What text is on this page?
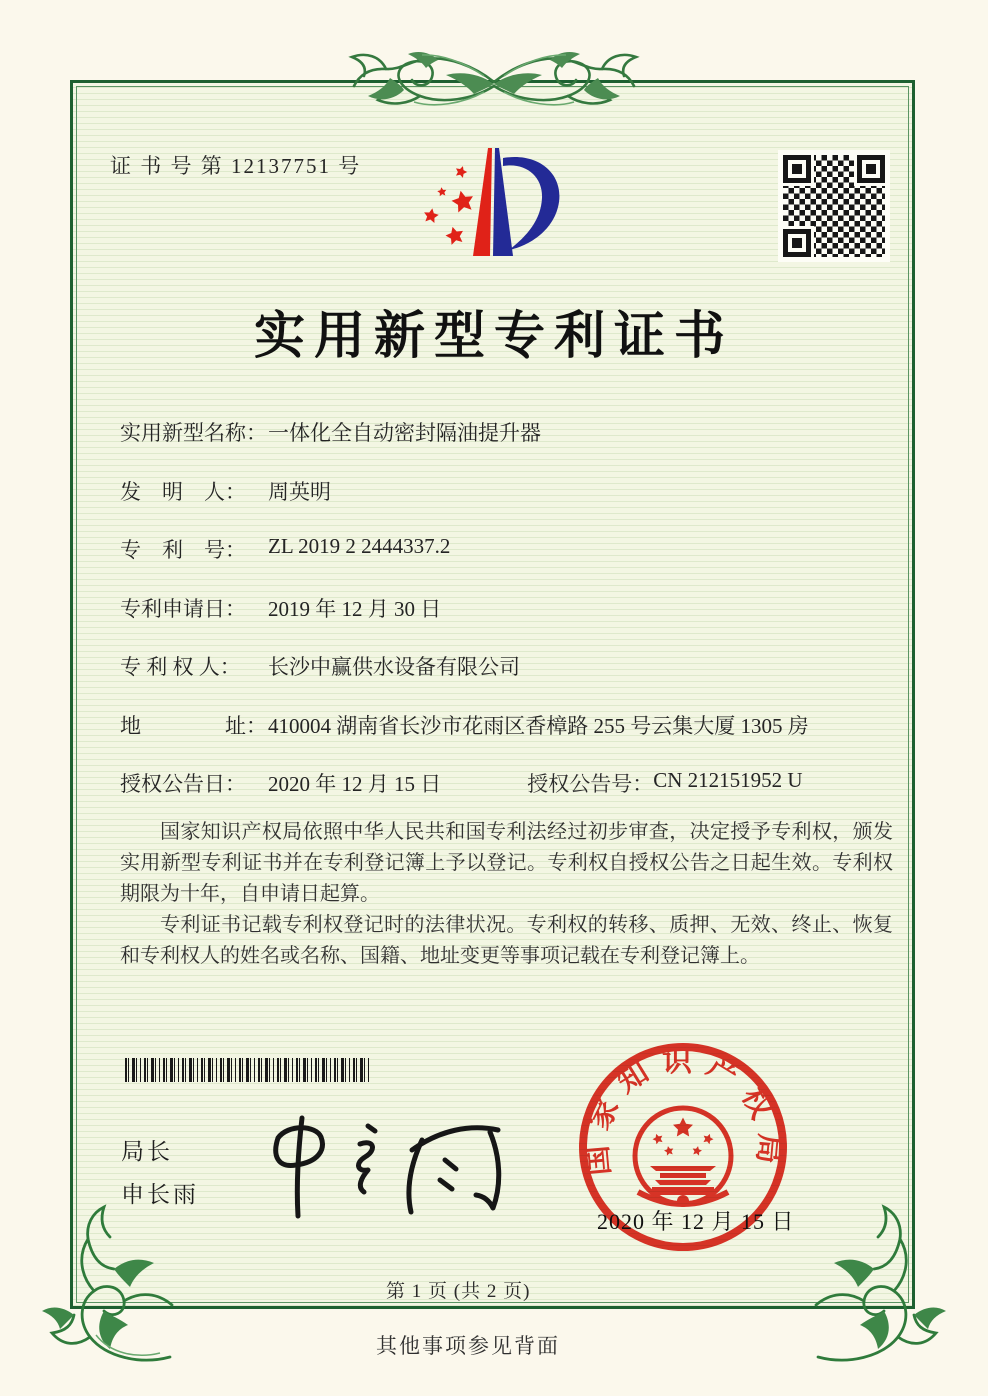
证 书 号 第 12137751 号
实用新型专利证书
实用新型名称： 一体化全自动密封隔油提升器
发　明　人：	周英明
专　利　号：	ZL 2019 2 2444337.2
专利申请日：	2019 年 12 月 30 日
专 利 权 人：	长沙中赢供水设备有限公司
地　　　　址： 410004 湖南省长沙市花雨区香樟路 255 号云集大厦 1305 房
授权公告日：	2020 年 12 月 15 日	授权公告号： CN 212151952 U

国家知识产权局依照中华人民共和国专利法经过初步审查，决定授予专利权，颁发实用新型专利证书并在专利登记簿上予以登记。专利权自授权公告之日起生效。专利权期限为十年，自申请日起算。

专利证书记载专利权登记时的法律状况。专利权的转移、质押、无效、终止、恢复和专利权人的姓名或名称、国籍、地址变更等事项记载在专利登记簿上。

局长
申长雨
国家知识产权局
2020 年 12 月 15 日
第 1 页 (共 2 页)
其他事项参见背面
